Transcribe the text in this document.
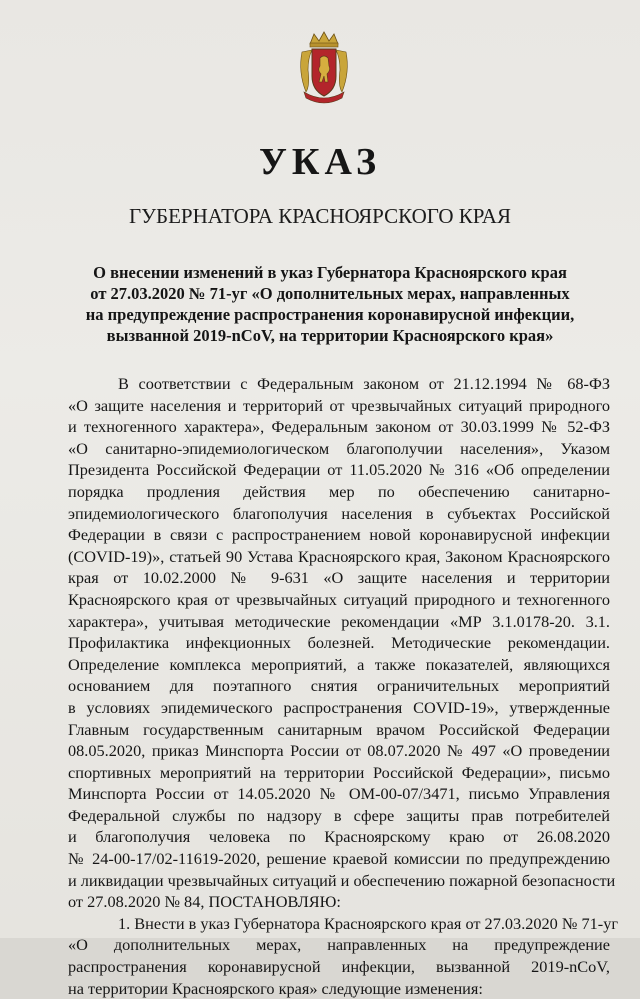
УКАЗ
ГУБЕРНАТОРА КРАСНОЯРСКОГО КРАЯ
О внесении изменений в указ Губернатора Красноярского края
от 27.03.2020 № 71-уг «О дополнительных мерах, направленных
на предупреждение распространения коронавирусной инфекции,
вызванной 2019-nCoV, на территории Красноярского края»
В соответствии с Федеральным законом от 21.12.1994 № 68-ФЗ
«О защите населения и территорий от чрезвычайных ситуаций природного
и техногенного характера», Федеральным законом от 30.03.1999 № 52-ФЗ
«О санитарно-эпидемиологическом благополучии населения», Указом
Президента Российской Федерации от 11.05.2020 № 316 «Об определении
порядка продления действия мер по обеспечению санитарно-
эпидемиологического благополучия населения в субъектах Российской
Федерации в связи с распространением новой коронавирусной инфекции
(COVID-19)», статьей 90 Устава Красноярского края, Законом Красноярского
края от 10.02.2000 № 9-631 «О защите населения и территории
Красноярского края от чрезвычайных ситуаций природного и техногенного
характера», учитывая методические рекомендации «МР 3.1.0178-20. 3.1.
Профилактика инфекционных болезней. Методические рекомендации.
Определение комплекса мероприятий, а также показателей, являющихся
основанием для поэтапного снятия ограничительных мероприятий
в условиях эпидемического распространения COVID-19», утвержденные
Главным государственным санитарным врачом Российской Федерации
08.05.2020, приказ Минспорта России от 08.07.2020 № 497 «О проведении
спортивных мероприятий на территории Российской Федерации», письмо
Минспорта России от 14.05.2020 № ОМ-00-07/3471, письмо Управления
Федеральной службы по надзору в сфере защиты прав потребителей
и благополучия человека по Красноярскому краю от 26.08.2020
№ 24-00-17/02-11619-2020, решение краевой комиссии по предупреждению
и ликвидации чрезвычайных ситуаций и обеспечению пожарной безопасности
от 27.08.2020 № 84, ПОСТАНОВЛЯЮ:
1. Внести в указ Губернатора Красноярского края от 27.03.2020 № 71-уг
«О дополнительных мерах, направленных на предупреждение
распространения коронавирусной инфекции, вызванной 2019-nCoV,
на территории Красноярского края» следующие изменения:
